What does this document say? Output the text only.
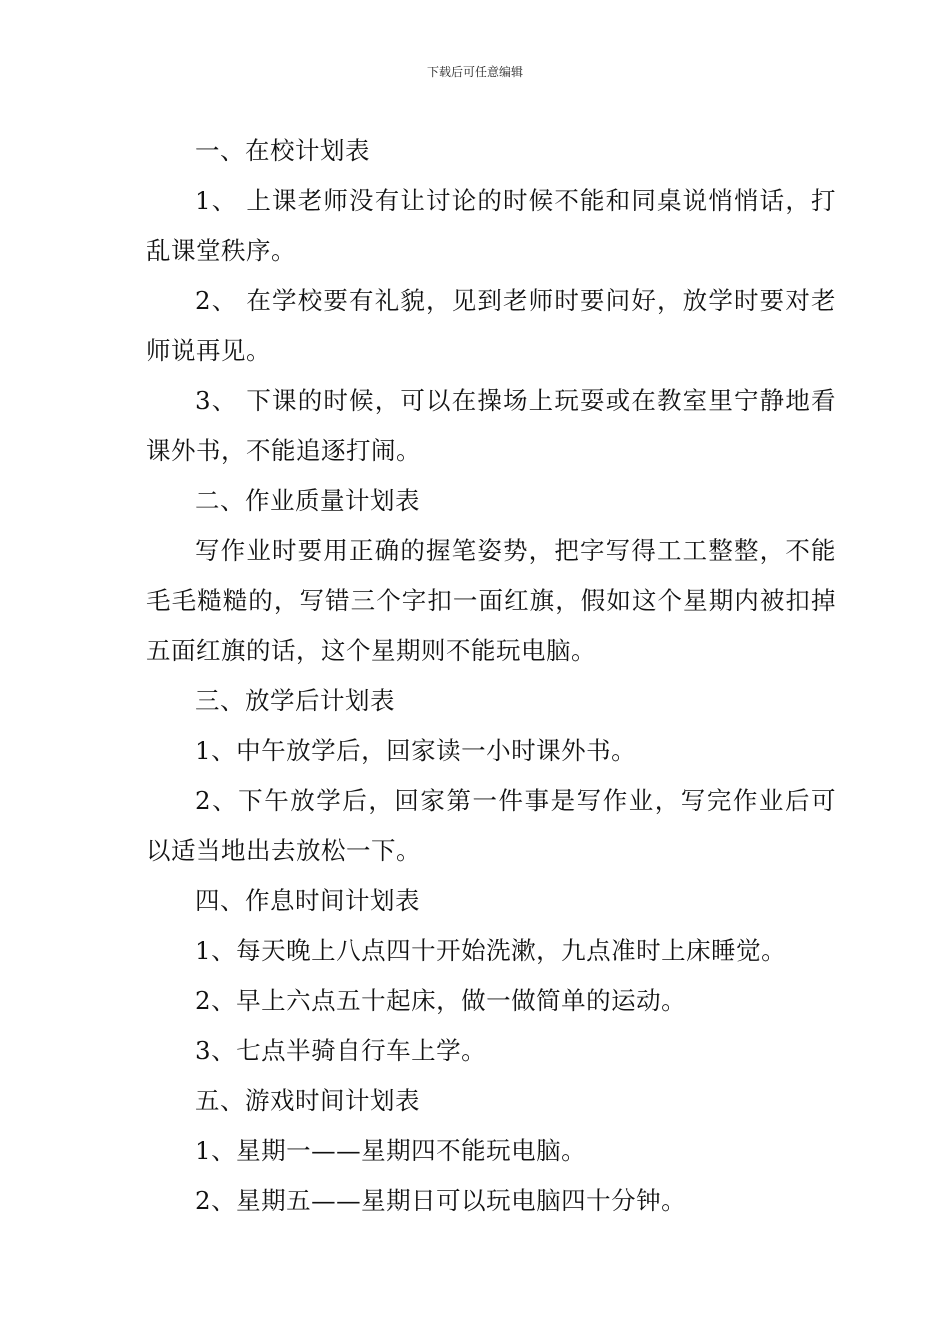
下载后可任意编辑

一、在校计划表

1、 上课老师没有让讨论的时候不能和同桌说悄悄话，打乱课堂秩序。

2、 在学校要有礼貌，见到老师时要问好，放学时要对老师说再见。

3、 下课的时候，可以在操场上玩耍或在教室里宁静地看课外书，不能追逐打闹。

二、作业质量计划表

写作业时要用正确的握笔姿势，把字写得工工整整，不能毛毛糙糙的，写错三个字扣一面红旗，假如这个星期内被扣掉五面红旗的话，这个星期则不能玩电脑。

三、放学后计划表

1、中午放学后，回家读一小时课外书。

2、下午放学后，回家第一件事是写作业，写完作业后可以适当地出去放松一下。

四、作息时间计划表

1、每天晚上八点四十开始洗漱，九点准时上床睡觉。

2、早上六点五十起床，做一做简单的运动。

3、七点半骑自行车上学。

五、游戏时间计划表

1、星期一——星期四不能玩电脑。

2、星期五——星期日可以玩电脑四十分钟。
